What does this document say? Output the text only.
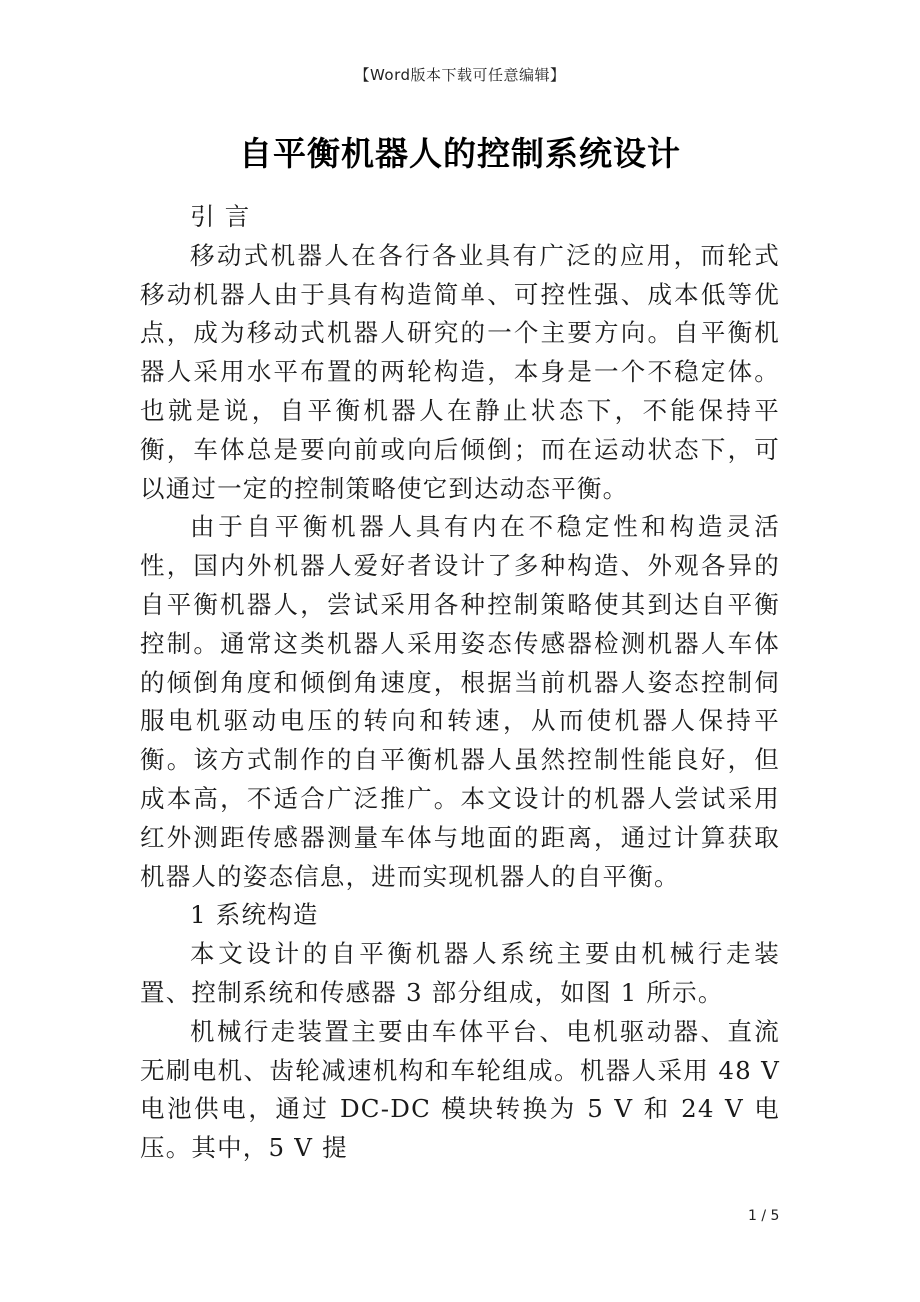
【Word版本下载可任意编辑】
自平衡机器人的控制系统设计

引 言

移动式机器人在各行各业具有广泛的应用，而轮式移动机器人由于具有构造简单、可控性强、成本低等优点，成为移动式机器人研究的一个主要方向。自平衡机器人采用水平布置的两轮构造，本身是一个不稳定体。也就是说，自平衡机器人在静止状态下，不能保持平衡，车体总是要向前或向后倾倒；而在运动状态下，可以通过一定的控制策略使它到达动态平衡。

由于自平衡机器人具有内在不稳定性和构造灵活性，国内外机器人爱好者设计了多种构造、外观各异的自平衡机器人，尝试采用各种控制策略使其到达自平衡控制。通常这类机器人采用姿态传感器检测机器人车体的倾倒角度和倾倒角速度，根据当前机器人姿态控制伺服电机驱动电压的转向和转速，从而使机器人保持平衡。该方式制作的自平衡机器人虽然控制性能良好，但成本高，不适合广泛推广。本文设计的机器人尝试采用红外测距传感器测量车体与地面的距离，通过计算获取机器人的姿态信息，进而实现机器人的自平衡。

1 系统构造

本文设计的自平衡机器人系统主要由机械行走装置、控制系统和传感器 3 部分组成，如图 1 所示。

机械行走装置主要由车体平台、电机驱动器、直流无刷电机、齿轮减速机构和车轮组成。机器人采用 48 V 电池供电，通过 DC-DC 模块转换为 5 V 和 24 V 电压。其中，5 V 提

1 / 5
